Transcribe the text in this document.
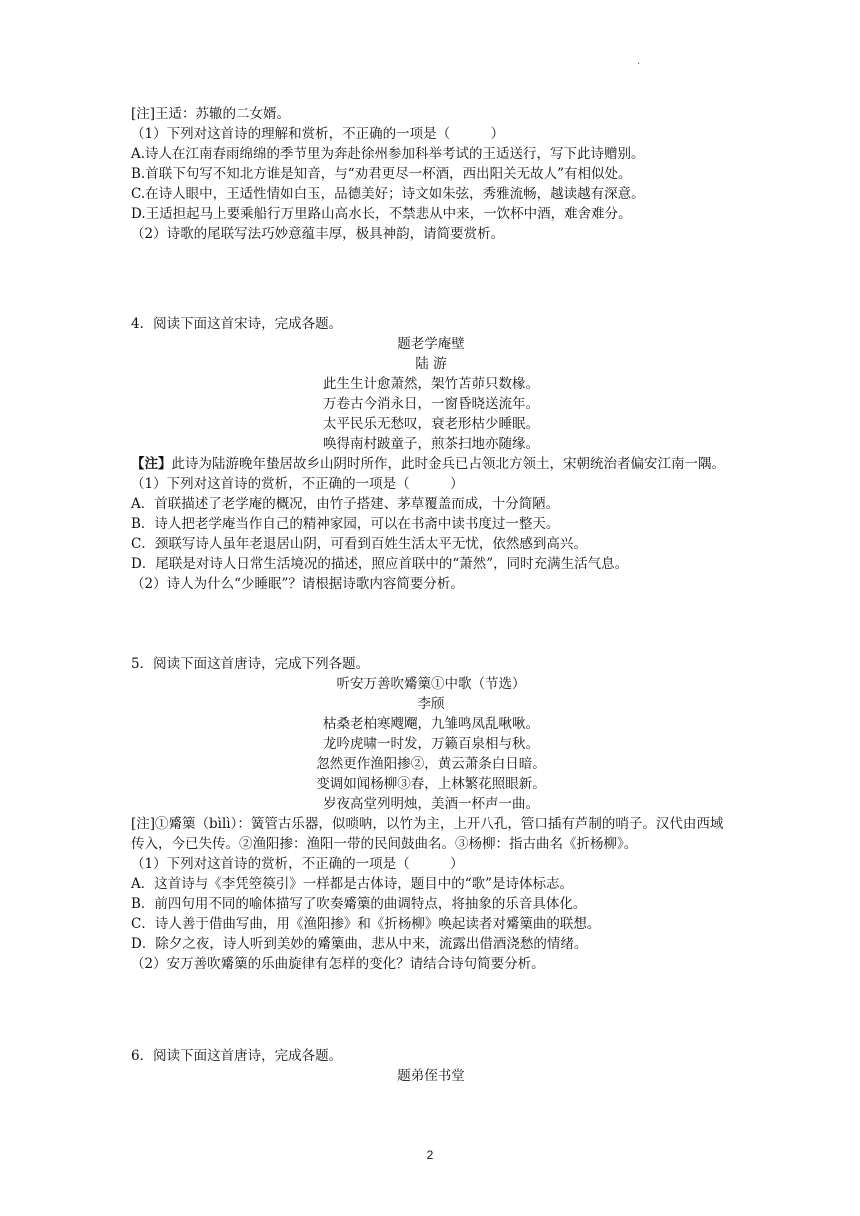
.
[注]王适：苏辙的二女婿。
（1）下列对这首诗的理解和赏析，不正确的一项是（　　　）
A.诗人在江南春雨绵绵的季节里为奔赴徐州参加科举考试的王适送行，写下此诗赠别。
B.首联下句写不知北方谁是知音，与“劝君更尽一杯酒，西出阳关无故人”有相似处。
C.在诗人眼中，王适性情如白玉，品德美好；诗文如朱弦，秀雅流畅，越读越有深意。
D.王适担起马上要乘船行万里路山高水长，不禁悲从中来，一饮杯中酒，难舍难分。
（2）诗歌的尾联写法巧妙意蕴丰厚，极具神韵，请简要赏析。
4．阅读下面这首宋诗，完成各题。
题老学庵壁
陆 游
此生生计愈萧然，架竹苫茆只数椽。
万卷古今消永日，一窗昏晓送流年。
太平民乐无愁叹，衰老形枯少睡眠。
唤得南村跛童子，煎茶扫地亦随缘。
【注】此诗为陆游晚年蛰居故乡山阴时所作，此时金兵已占领北方领土，宋朝统治者偏安江南一隅。
（1）下列对这首诗的赏析，不正确的一项是（　　　）
A．首联描述了老学庵的概况，由竹子搭建、茅草覆盖而成，十分简陋。
B．诗人把老学庵当作自己的精神家园，可以在书斋中读书度过一整天。
C．颈联写诗人虽年老退居山阴，可看到百姓生活太平无忧，依然感到高兴。
D．尾联是对诗人日常生活境况的描述，照应首联中的“萧然”，同时充满生活气息。
（2）诗人为什么“少睡眠”？请根据诗歌内容简要分析。
5．阅读下面这首唐诗，完成下列各题。
听安万善吹觱篥①中歌（节选）
李颀
枯桑老柏寒飕飗，九雏鸣凤乱啾啾。
龙吟虎啸一时发，万籁百泉相与秋。
忽然更作渔阳掺②，黄云萧条白日暗。
变调如闻杨柳③春，上林繁花照眼新。
岁夜高堂列明烛，美酒一杯声一曲。
[注]①觱篥（bìlì）：簧管古乐器，似唢呐，以竹为主，上开八孔，管口插有芦制的哨子。汉代由西域传入，今已失传。②渔阳掺：渔阳一带的民间鼓曲名。③杨柳：指古曲名《折杨柳》。
（1）下列对这首诗的赏析，不正确的一项是（　　　）
A．这首诗与《李凭箜篌引》一样都是古体诗，题目中的“歌”是诗体标志。
B．前四句用不同的喻体描写了吹奏觱篥的曲调特点，将抽象的乐音具体化。
C．诗人善于借曲写曲，用《渔阳掺》和《折杨柳》唤起读者对觱篥曲的联想。
D．除夕之夜，诗人听到美妙的觱篥曲，悲从中来，流露出借酒浇愁的情绪。
（2）安万善吹觱篥的乐曲旋律有怎样的变化？请结合诗句简要分析。
6．阅读下面这首唐诗，完成各题。
题弟侄书堂
2
